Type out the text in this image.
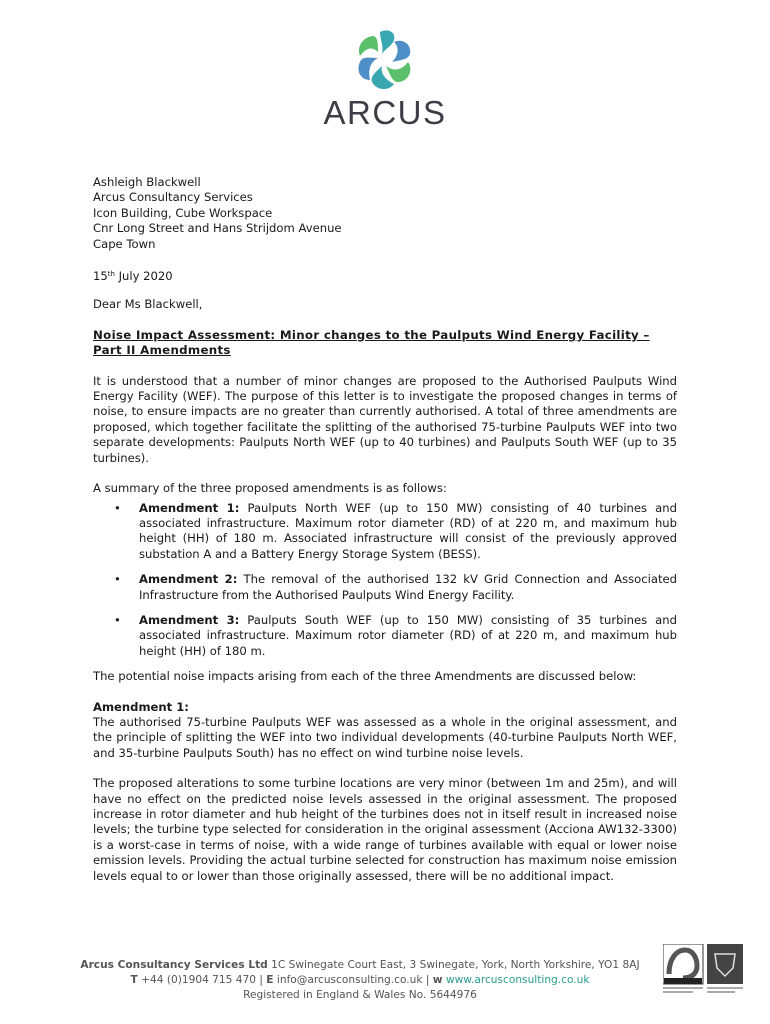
ARCUS
Ashleigh Blackwell
Arcus Consultancy Services
Icon Building, Cube Workspace
Cnr Long Street and Hans Strijdom Avenue
Cape Town
15th July 2020
Dear Ms Blackwell,
Noise Impact Assessment: Minor changes to the Paulputs Wind Energy Facility – Part II Amendments

It is understood that a number of minor changes are proposed to the Authorised Paulputs Wind Energy Facility (WEF). The purpose of this letter is to investigate the proposed changes in terms of noise, to ensure impacts are no greater than currently authorised. A total of three amendments are proposed, which together facilitate the splitting of the authorised 75-turbine Paulputs WEF into two separate developments: Paulputs North WEF (up to 40 turbines) and Paulputs South WEF (up to 35 turbines).

A summary of the three proposed amendments is as follows:

• Amendment 1: Paulputs North WEF (up to 150 MW) consisting of 40 turbines and associated infrastructure. Maximum rotor diameter (RD) of at 220 m, and maximum hub height (HH) of 180 m. Associated infrastructure will consist of the previously approved substation A and a Battery Energy Storage System (BESS).
• Amendment 2: The removal of the authorised 132 kV Grid Connection and Associated Infrastructure from the Authorised Paulputs Wind Energy Facility.
• Amendment 3: Paulputs South WEF (up to 150 MW) consisting of 35 turbines and associated infrastructure. Maximum rotor diameter (RD) of at 220 m, and maximum hub height (HH) of 180 m.

The potential noise impacts arising from each of the three Amendments are discussed below:

Amendment 1:

The authorised 75-turbine Paulputs WEF was assessed as a whole in the original assessment, and the principle of splitting the WEF into two individual developments (40-turbine Paulputs North WEF, and 35-turbine Paulputs South) has no effect on wind turbine noise levels.

The proposed alterations to some turbine locations are very minor (between 1m and 25m), and will have no effect on the predicted noise levels assessed in the original assessment. The proposed increase in rotor diameter and hub height of the turbines does not in itself result in increased noise levels; the turbine type selected for consideration in the original assessment (Acciona AW132-3300) is a worst-case in terms of noise, with a wide range of turbines available with equal or lower noise emission levels. Providing the actual turbine selected for construction has maximum noise emission levels equal to or lower than those originally assessed, there will be no additional impact.

Arcus Consultancy Services Ltd 1C Swinegate Court East, 3 Swinegate, York, North Yorkshire, YO1 8AJ
T +44 (0)1904 715 470 | E info@arcusconsulting.co.uk | w www.arcusconsulting.co.uk
Registered in England & Wales No. 5644976
